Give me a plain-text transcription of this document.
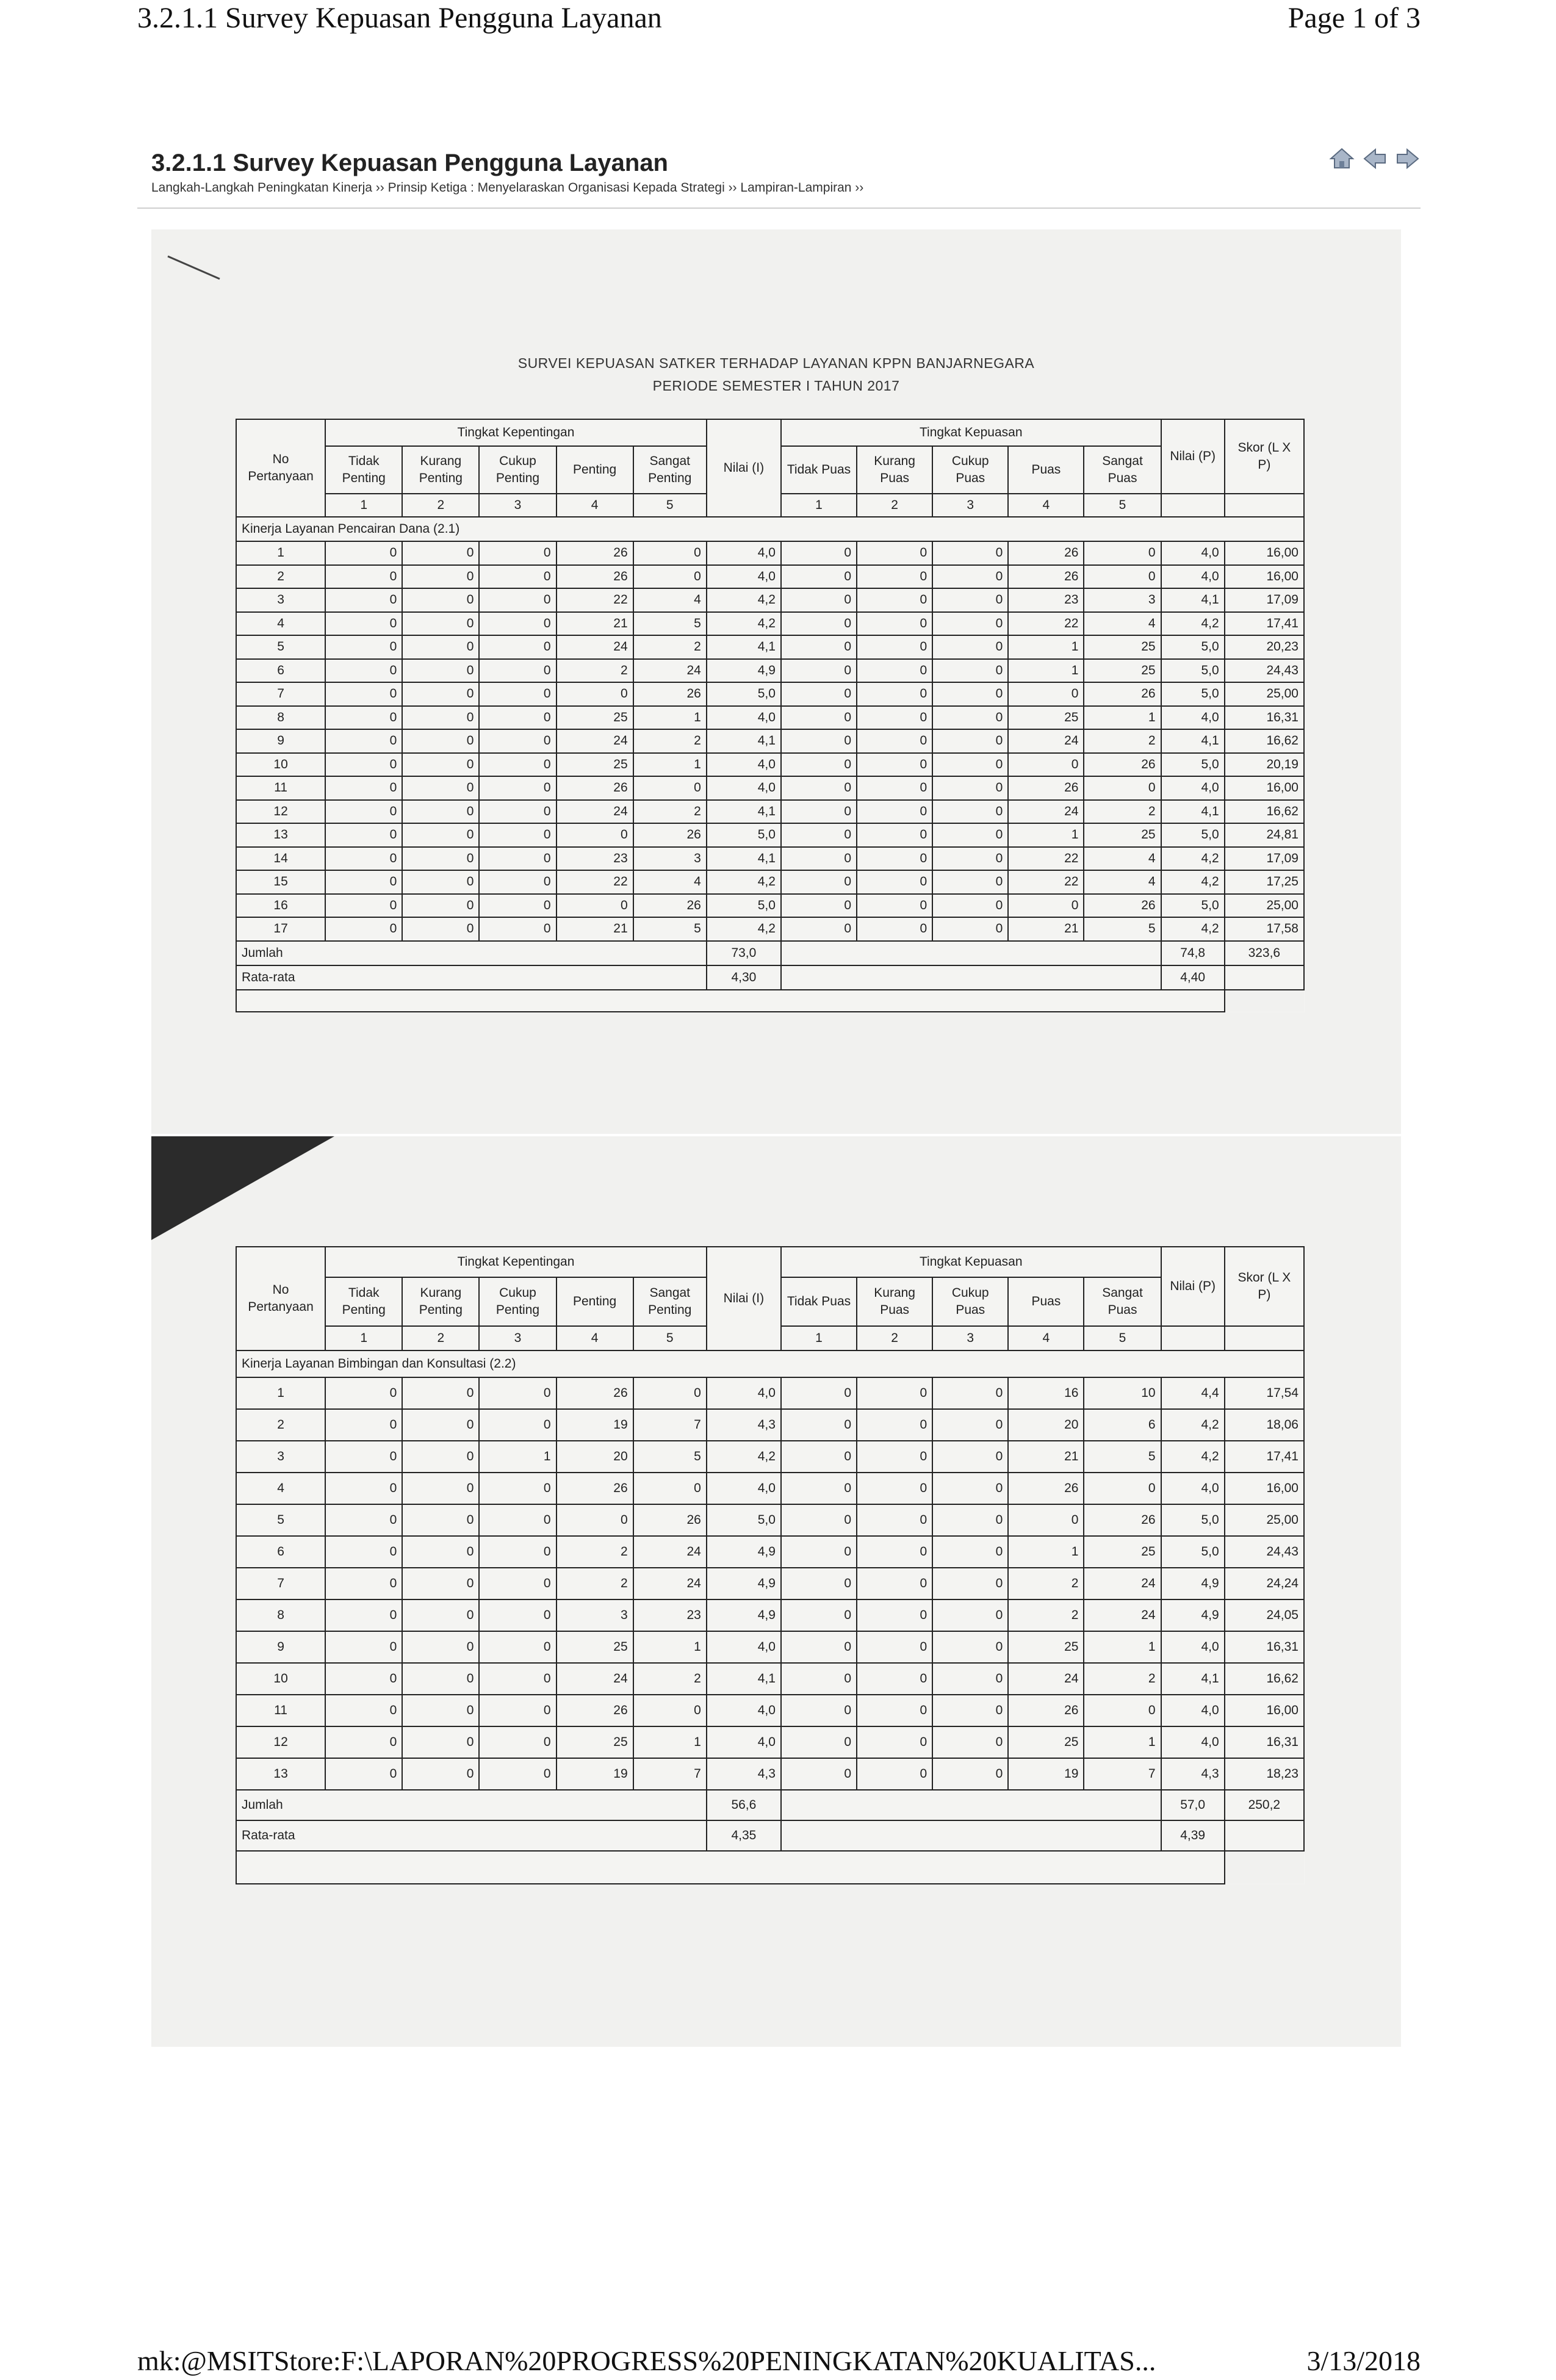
3.2.1.1 Survey Kepuasan Pengguna Layanan	Page 1 of 3
3.2.1.1 Survey Kepuasan Pengguna Layanan
Langkah-Langkah Peningkatan Kinerja ›› Prinsip Ketiga : Menyelaraskan Organisasi Kepada Strategi ›› Lampiran-Lampiran ››
SURVEI KEPUASAN SATKER TERHADAP LAYANAN KPPN BANJARNEGARA
PERIODE SEMESTER I TAHUN 2017
No Pertanyaan	Tingkat Kepentingan					Nilai (I)	Tingkat Kepuasan					Nilai (P)	Skor (L X P)
	Tidak Penting	Kurang Penting	Cukup Penting	Penting	Sangat Penting		Tidak Puas	Kurang Puas	Cukup Puas	Puas	Sangat Puas		
	1	2	3	4	5		1	2	3	4	5		
Kinerja Layanan Pencairan Dana (2.1)													
1	0	0	0	26	0	4,0	0	0	0	26	0	4,0	16,00
2	0	0	0	26	0	4,0	0	0	0	26	0	4,0	16,00
3	0	0	0	22	4	4,2	0	0	0	23	3	4,1	17,09
4	0	0	0	21	5	4,2	0	0	0	22	4	4,2	17,41
5	0	0	0	24	2	4,1	0	0	0	1	25	5,0	20,23
6	0	0	0	2	24	4,9	0	0	0	1	25	5,0	24,43
7	0	0	0	0	26	5,0	0	0	0	0	26	5,0	25,00
8	0	0	0	25	1	4,0	0	0	0	25	1	4,0	16,31
9	0	0	0	24	2	4,1	0	0	0	24	2	4,1	16,62
10	0	0	0	25	1	4,0	0	0	0	0	26	5,0	20,19
11	0	0	0	26	0	4,0	0	0	0	26	0	4,0	16,00
12	0	0	0	24	2	4,1	0	0	0	24	2	4,1	16,62
13	0	0	0	0	26	5,0	0	0	0	1	25	5,0	24,81
14	0	0	0	23	3	4,1	0	0	0	22	4	4,2	17,09
15	0	0	0	22	4	4,2	0	0	0	22	4	4,2	17,25
16	0	0	0	0	26	5,0	0	0	0	0	26	5,0	25,00
17	0	0	0	21	5	4,2	0	0	0	21	5	4,2	17,58
Jumlah						73,0						74,8	323,6
Rata-rata						4,30						4,40	

No Pertanyaan	Tingkat Kepentingan					Nilai (I)	Tingkat Kepuasan					Nilai (P)	Skor (L X P)
	Tidak Penting	Kurang Penting	Cukup Penting	Penting	Sangat Penting		Tidak Puas	Kurang Puas	Cukup Puas	Puas	Sangat Puas		
	1	2	3	4	5		1	2	3	4	5		
Kinerja Layanan Bimbingan dan Konsultasi (2.2)													
1	0	0	0	26	0	4,0	0	0	0	16	10	4,4	17,54
2	0	0	0	19	7	4,3	0	0	0	20	6	4,2	18,06
3	0	0	1	20	5	4,2	0	0	0	21	5	4,2	17,41
4	0	0	0	26	0	4,0	0	0	0	26	0	4,0	16,00
5	0	0	0	0	26	5,0	0	0	0	0	26	5,0	25,00
6	0	0	0	2	24	4,9	0	0	0	1	25	5,0	24,43
7	0	0	0	2	24	4,9	0	0	0	2	24	4,9	24,24
8	0	0	0	3	23	4,9	0	0	0	2	24	4,9	24,05
9	0	0	0	25	1	4,0	0	0	0	25	1	4,0	16,31
10	0	0	0	24	2	4,1	0	0	0	24	2	4,1	16,62
11	0	0	0	26	0	4,0	0	0	0	26	0	4,0	16,00
12	0	0	0	25	1	4,0	0	0	0	25	1	4,0	16,31
13	0	0	0	19	7	4,3	0	0	0	19	7	4,3	18,23
Jumlah						56,6						57,0	250,2
Rata-rata						4,35						4,39	

mk:@MSITStore:F:\LAPORAN%20PROGRESS%20PENINGKATAN%20KUALITAS...	3/13/2018
